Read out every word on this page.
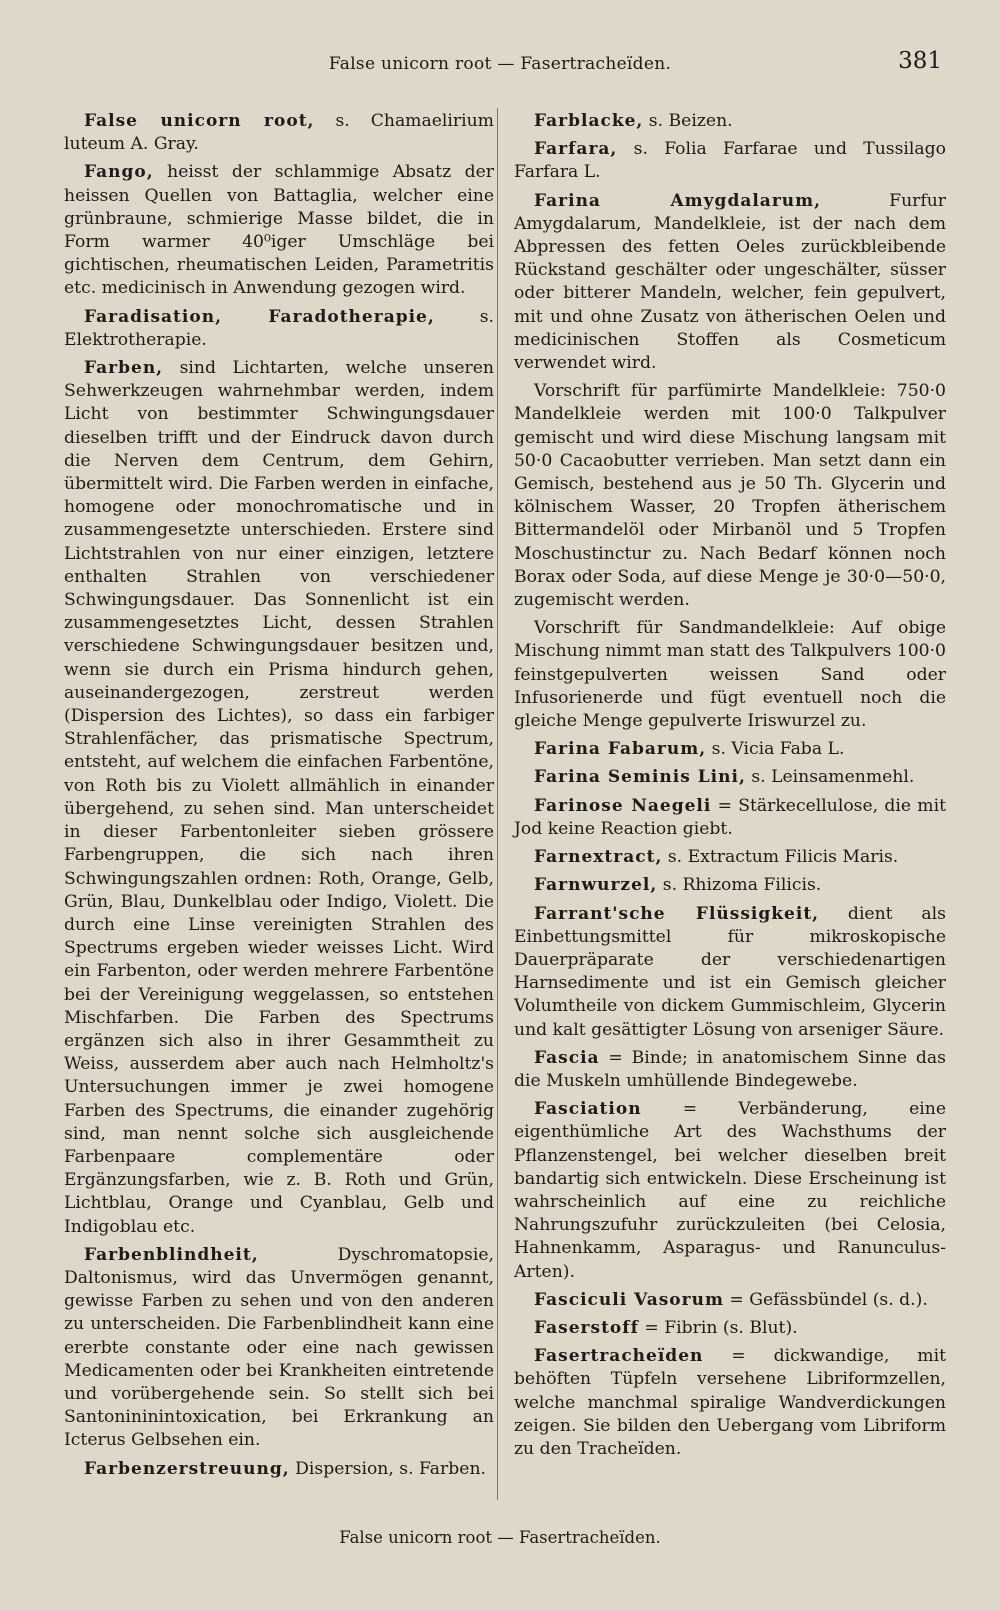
False unicorn root — Fasertracheïden.	381

False unicorn root, s. Chamaelirium luteum A. Gray.

Fango, heisst der schlammige Absatz der heissen Quellen von Battaglia, welcher eine grünbraune, schmierige Masse bildet, die in Form warmer 40⁰iger Umschläge bei gichtischen, rheumatischen Leiden, Parametritis etc. medicinisch in Anwendung gezogen wird.

Faradisation, Faradotherapie, s. Elektrotherapie.

Farben, sind Lichtarten, welche unseren Sehwerkzeugen wahrnehmbar werden, indem Licht von bestimmter Schwingungsdauer dieselben trifft und der Eindruck davon durch die Nerven dem Centrum, dem Gehirn, übermittelt wird. Die Farben werden in einfache, homogene oder monochromatische und in zusammengesetzte unterschieden. Erstere sind Lichtstrahlen von nur einer einzigen, letztere enthalten Strahlen von verschiedener Schwingungsdauer. Das Sonnenlicht ist ein zusammengesetztes Licht, dessen Strahlen verschiedene Schwingungsdauer besitzen und, wenn sie durch ein Prisma hindurch gehen, auseinandergezogen, zerstreut werden (Dispersion des Lichtes), so dass ein farbiger Strahlenfächer, das prismatische Spectrum, entsteht, auf welchem die einfachen Farbentöne, von Roth bis zu Violett allmählich in einander übergehend, zu sehen sind. Man unterscheidet in dieser Farbentonleiter sieben grössere Farbengruppen, die sich nach ihren Schwingungszahlen ordnen: Roth, Orange, Gelb, Grün, Blau, Dunkelblau oder Indigo, Violett. Die durch eine Linse vereinigten Strahlen des Spectrums ergeben wieder weisses Licht. Wird ein Farbenton, oder werden mehrere Farbentöne bei der Vereinigung weggelassen, so entstehen Mischfarben. Die Farben des Spectrums ergänzen sich also in ihrer Gesammtheit zu Weiss, ausserdem aber auch nach Helmholtz's Untersuchungen immer je zwei homogene Farben des Spectrums, die einander zugehörig sind, man nennt solche sich ausgleichende Farbenpaare complementäre oder Ergänzungsfarben, wie z. B. Roth und Grün, Lichtblau, Orange und Cyanblau, Gelb und Indigoblau etc.

Farbenblindheit, Dyschromatopsie, Daltonismus, wird das Unvermögen genannt, gewisse Farben zu sehen und von den anderen zu unterscheiden. Die Farbenblindheit kann eine ererbte constante oder eine nach gewissen Medicamenten oder bei Krankheiten eintretende und vorübergehende sein. So stellt sich bei Santonininintoxication, bei Erkrankung an Icterus Gelbsehen ein.

Farbenzerstreuung, Dispersion, s. Farben.

Farblacke, s. Beizen.

Farfara, s. Folia Farfarae und Tussilago Farfara L.

Farina Amygdalarum, Furfur Amygdalarum, Mandelkleie, ist der nach dem Abpressen des fetten Oeles zurückbleibende Rückstand geschälter oder ungeschälter, süsser oder bitterer Mandeln, welcher, fein gepulvert, mit und ohne Zusatz von ätherischen Oelen und medicinischen Stoffen als Cosmeticum verwendet wird.

Vorschrift für parfümirte Mandelkleie: 750·0 Mandelkleie werden mit 100·0 Talkpulver gemischt und wird diese Mischung langsam mit 50·0 Cacaobutter verrieben. Man setzt dann ein Gemisch, bestehend aus je 50 Th. Glycerin und kölnischem Wasser, 20 Tropfen ätherischem Bittermandelöl oder Mirbanöl und 5 Tropfen Moschustinctur zu. Nach Bedarf können noch Borax oder Soda, auf diese Menge je 30·0—50·0, zugemischt werden.

Vorschrift für Sandmandelkleie: Auf obige Mischung nimmt man statt des Talkpulvers 100·0 feinstgepulverten weissen Sand oder Infusorienerde und fügt eventuell noch die gleiche Menge gepulverte Iriswurzel zu.

Farina Fabarum, s. Vicia Faba L.

Farina Seminis Lini, s. Leinsamenmehl.

Farinose Naegeli = Stärkecellulose, die mit Jod keine Reaction giebt.

Farnextract, s. Extractum Filicis Maris.

Farnwurzel, s. Rhizoma Filicis.

Farrant'sche Flüssigkeit, dient als Einbettungsmittel für mikroskopische Dauerpräparate der verschiedenartigen Harnsedimente und ist ein Gemisch gleicher Volumtheile von dickem Gummischleim, Glycerin und kalt gesättigter Lösung von arseniger Säure.

Fascia = Binde; in anatomischem Sinne das die Muskeln umhüllende Bindegewebe.

Fasciation = Verbänderung, eine eigenthümliche Art des Wachsthums der Pflanzenstengel, bei welcher dieselben breit bandartig sich entwickeln. Diese Erscheinung ist wahrscheinlich auf eine zu reichliche Nahrungszufuhr zurückzuleiten (bei Celosia, Hahnenkamm, Asparagus- und Ranunculus-Arten).

Fasciculi Vasorum = Gefässbündel (s. d.).

Faserstoff = Fibrin (s. Blut).

Fasertracheïden = dickwandige, mit behöften Tüpfeln versehene Libriformzellen, welche manchmal spiralige Wandverdickungen zeigen. Sie bilden den Uebergang vom Libriform zu den Tracheïden.

False unicorn root — Fasertracheïden.
